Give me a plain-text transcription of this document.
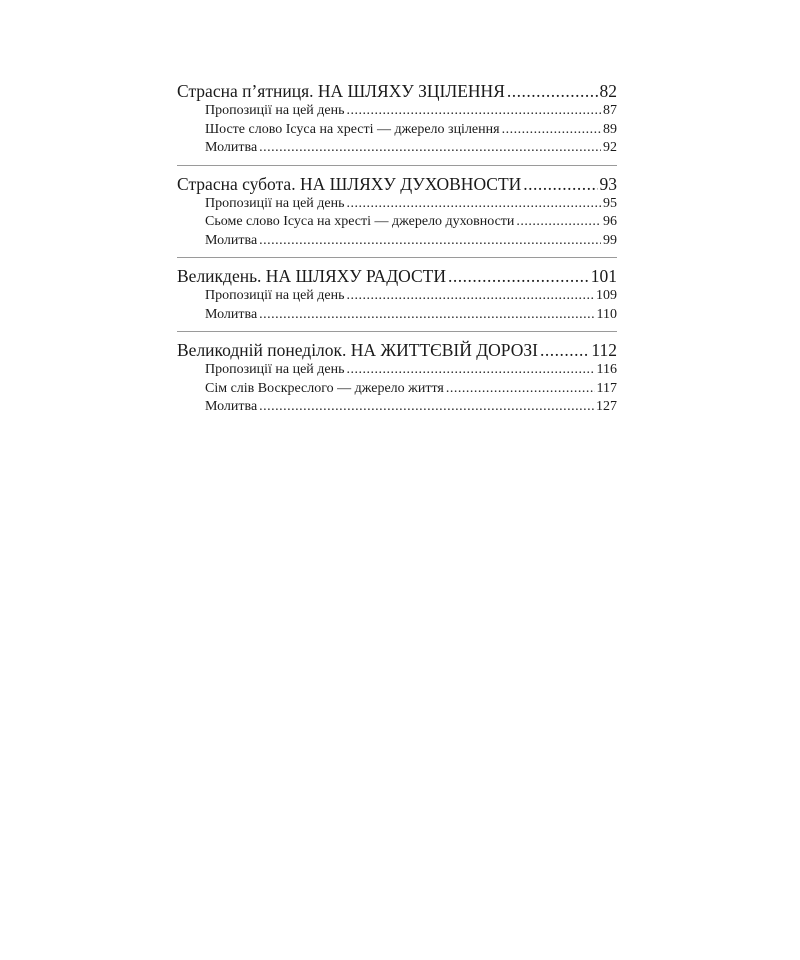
Страсна п’ятниця. НА ШЛЯХУ ЗЦІЛЕННЯ .....	82
Пропозиції на цей день .....	87
Шосте слово Ісуса на хресті — джерело зцілення .....	89
Молитва .....	92
Страсна субота. НА ШЛЯХУ ДУХОВНОСТИ .....	93
Пропозиції на цей день .....	95
Сьоме слово Ісуса на хресті — джерело духовности .....	96
Молитва .....	99
Великдень. НА ШЛЯХУ РАДОСТИ .....	101
Пропозиції на цей день .....	109
Молитва .....	110
Великодній понеділок. НА ЖИТТЄВІЙ ДОРОЗІ .....	112
Пропозиції на цей день .....	116
Сім слів Воскреслого — джерело життя .....	117
Молитва .....	127
